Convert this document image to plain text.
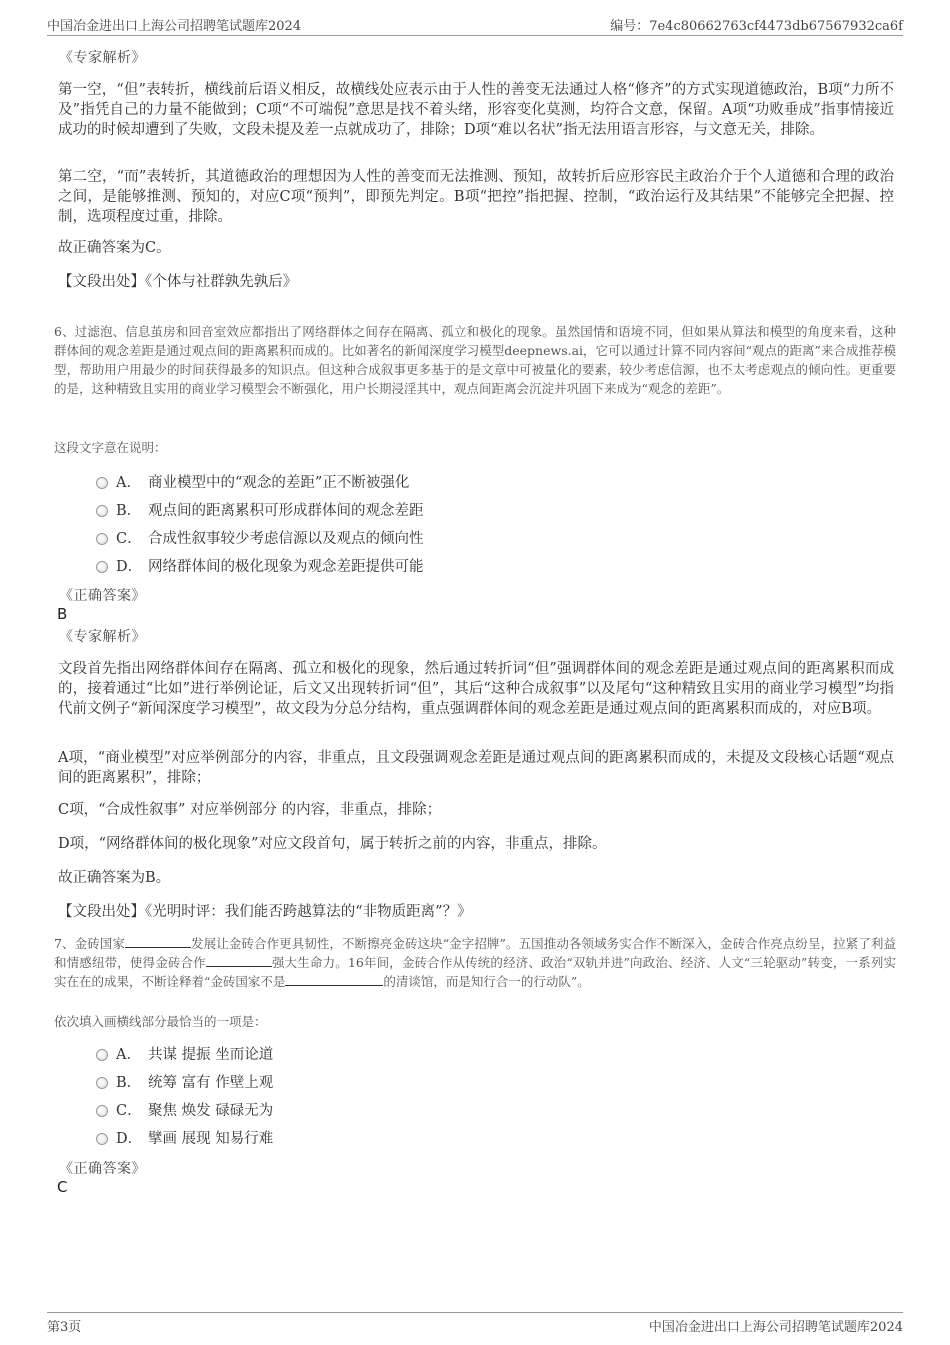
中国冶金进出口上海公司招聘笔试题库2024	编号：7e4c80662763cf4473db67567932ca6f
《专家解析》

第一空，“但”表转折，横线前后语义相反，故横线处应表示由于人性的善变无法通过人格“修齐”的方式实现道德政治，B项“力所不及”指凭自己的力量不能做到；C项“不可端倪”意思是找不着头绪，形容变化莫测，均符合文意，保留。A项“功败垂成”指事情接近成功的时候却遭到了失败，文段未提及差一点就成功了，排除；D项“难以名状”指无法用语言形容，与文意无关，排除。

第二空，“而”表转折，其道德政治的理想因为人性的善变而无法推测、预知，故转折后应形容民主政治介于个人道德和合理的政治之间，是能够推测、预知的，对应C项“预判”，即预先判定。B项“把控”指把握、控制，“政治运行及其结果”不能够完全把握、控制，选项程度过重，排除。

故正确答案为C。

【文段出处】《个体与社群孰先孰后》

6、过滤泡、信息茧房和回音室效应都指出了网络群体之间存在隔离、孤立和极化的现象。虽然国情和语境不同，但如果从算法和模型的角度来看，这种群体间的观念差距是通过观点间的距离累积而成的。比如著名的新闻深度学习模型deepnews.ai，它可以通过计算不同内容间“观点的距离”来合成推荐模型，帮助用户用最少的时间获得最多的知识点。但这种合成叙事更多基于的是文章中可被量化的要素，较少考虑信源，也不太考虑观点的倾向性。更重要的是，这种精致且实用的商业学习模型会不断强化，用户长期浸淫其中，观点间距离会沉淀并巩固下来成为“观念的差距”。

这段文字意在说明：
A． 商业模型中的“观念的差距”正不断被强化
B． 观点间的距离累积可形成群体间的观念差距
C． 合成性叙事较少考虑信源以及观点的倾向性
D． 网络群体间的极化现象为观念差距提供可能
《正确答案》
B
《专家解析》

文段首先指出网络群体间存在隔离、孤立和极化的现象，然后通过转折词“但”强调群体间的观念差距是通过观点间的距离累积而成的，接着通过“比如”进行举例论证，后文又出现转折词“但”，其后“这种合成叙事”以及尾句“这种精致且实用的商业学习模型”均指代前文例子“新闻深度学习模型”，故文段为分总分结构，重点强调群体间的观念差距是通过观点间的距离累积而成的，对应B项。

A项，“商业模型”对应举例部分的内容，非重点，且文段强调观念差距是通过观点间的距离累积而成的，未提及文段核心话题“观点间的距离累积”，排除；

C项，“合成性叙事” 对应举例部分 的内容，非重点，排除；

D项，“网络群体间的极化现象”对应文段首句，属于转折之前的内容，非重点，排除。

故正确答案为B。

【文段出处】《光明时评：我们能否跨越算法的“非物质距离”？》

7、金砖国家	发展让金砖合作更具韧性，不断擦亮金砖这块“金字招牌”。五国推动各领域务实合作不断深入，金砖合作亮点纷呈，拉紧了利益和情感纽带，使得金砖合作	强大生命力。16年间，金砖合作从传统的经济、政治“双轨并进”向政治、经济、人文“三轮驱动”转变，一系列实实在在的成果，不断诠释着“金砖国家不是	的清谈馆，而是知行合一的行动队”。

依次填入画横线部分最恰当的一项是：
A． 共谋 提振 坐而论道
B． 统筹 富有 作壁上观
C． 聚焦 焕发 碌碌无为
D． 擘画 展现 知易行难
《正确答案》
C
第3页	中国冶金进出口上海公司招聘笔试题库2024
